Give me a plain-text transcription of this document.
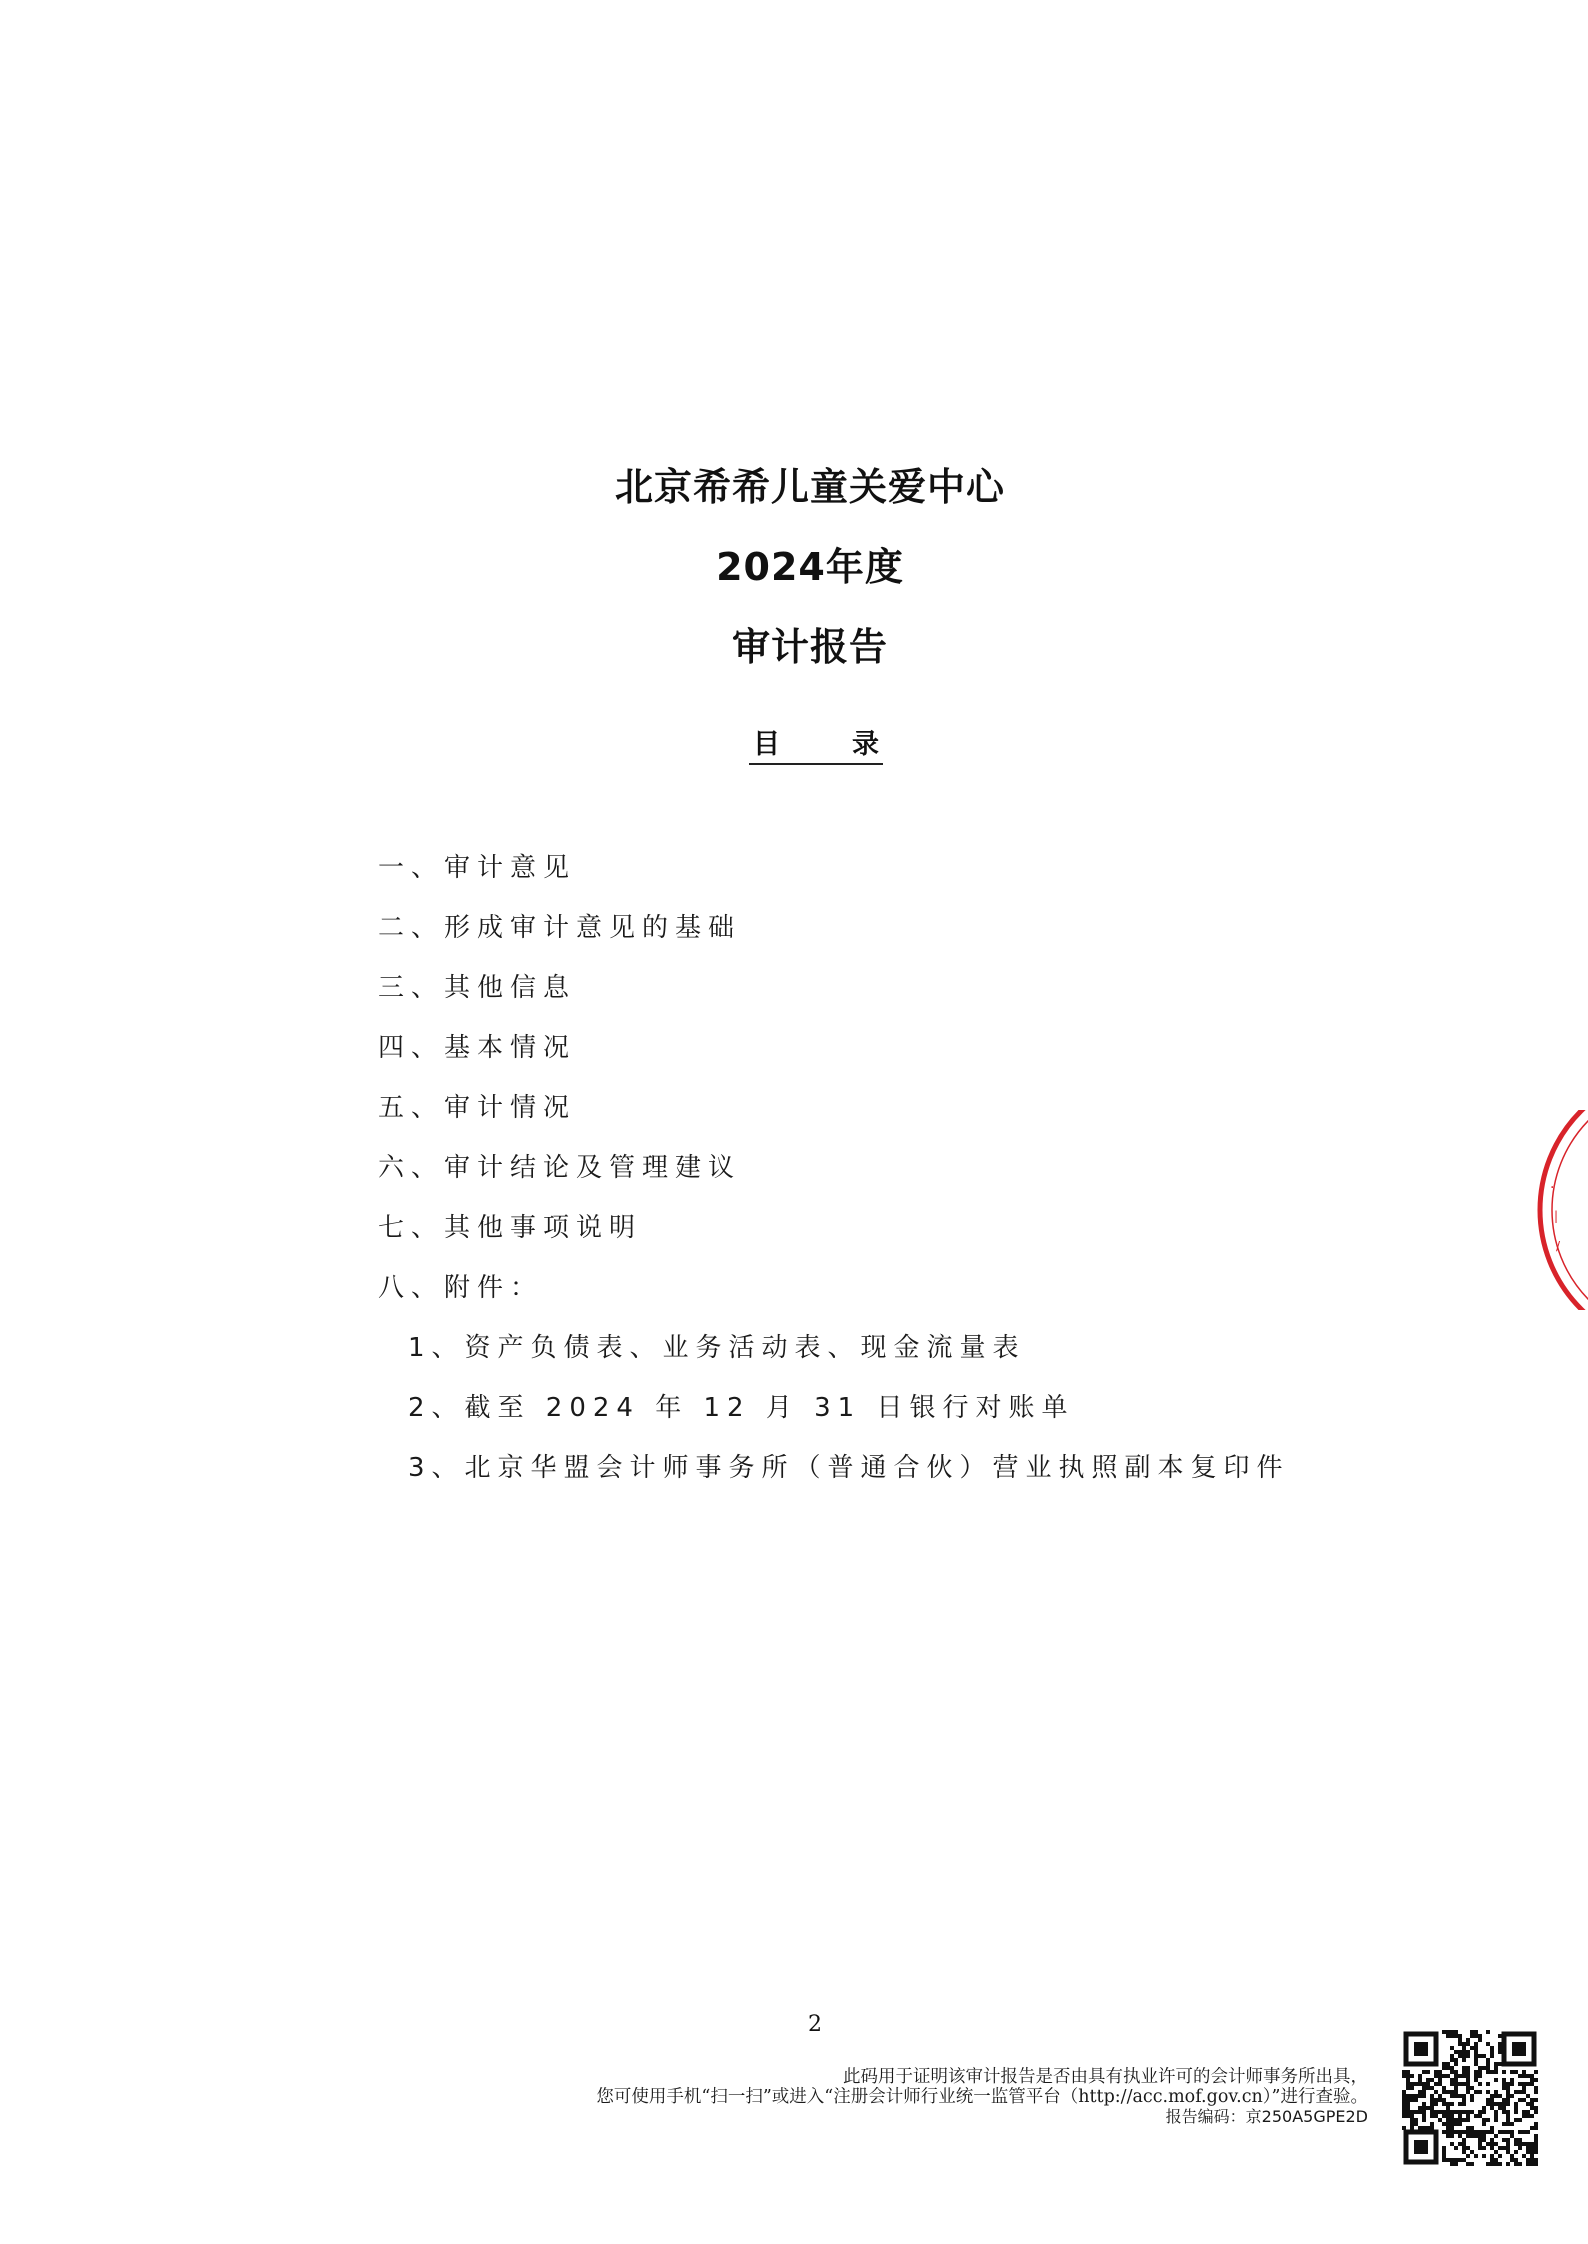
北京希希儿童关爱中心
2024年度
审计报告
目	录
一、审计意见
二、形成审计意见的基础
三、其他信息
四、基本情况
五、审计情况
六、审计结论及管理建议
七、其他事项说明
八、附件：
1、资产负债表、业务活动表、现金流量表
2、截至 2024 年 12 月 31 日银行对账单
3、北京华盟会计师事务所（普通合伙）营业执照副本复印件
.
|
/
2
此码用于证明该审计报告是否由具有执业许可的会计师事务所出具，
您可使用手机“扫一扫”或进入“注册会计师行业统一监管平台（http://acc.mof.gov.cn）”进行查验。
报告编码：京250A5GPE2D
